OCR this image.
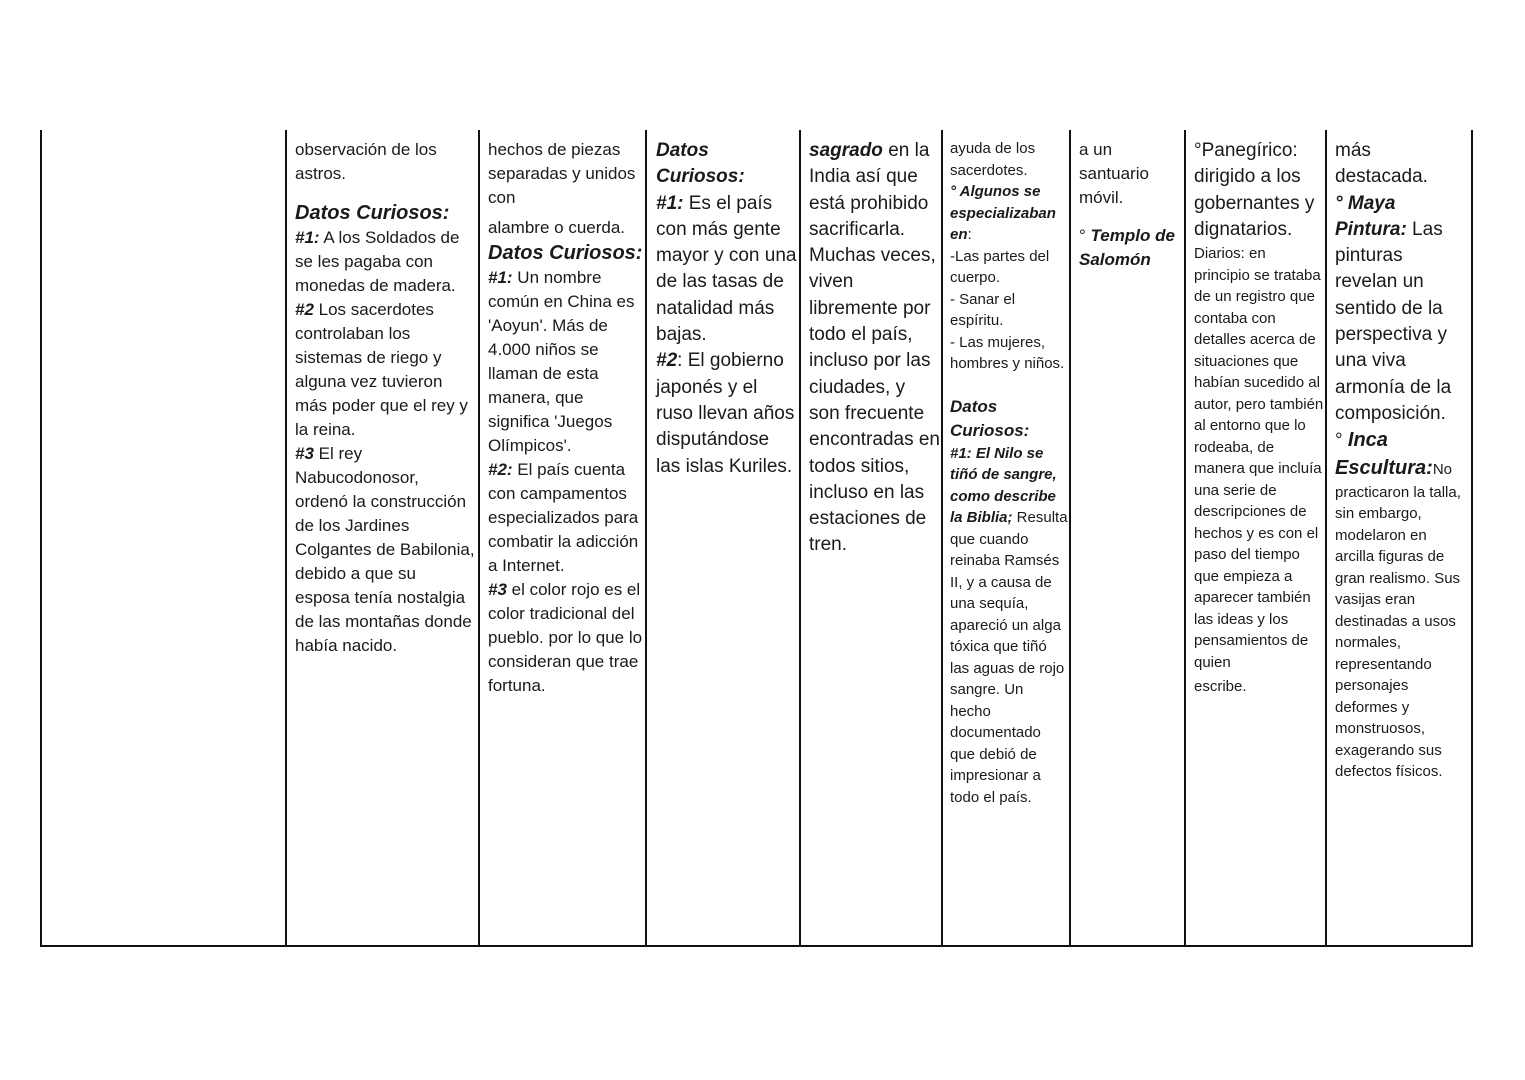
observación de los astros.

Datos Curiosos:

#1: A los Soldados de se les pagaba con monedas de madera.

#2 Los sacerdotes controlaban los sistemas de riego y alguna vez tuvieron más poder que el rey y la reina.

#3 El rey Nabucodonosor, ordenó la construcción de los Jardines Colgantes de Babilonia, debido a que su esposa tenía nostalgia de las montañas donde había nacido.

hechos de piezas separadas y unidos con

alambre o cuerda.

Datos Curiosos:

#1: Un nombre común en China es 'Aoyun'. Más de 4.000 niños se llaman de esta manera, que significa 'Juegos Olímpicos'.

#2: El país cuenta con campamentos especializados para combatir la adicción a Internet.

#3 el color rojo es el color tradicional del pueblo. por lo que lo consideran que trae fortuna.

Datos Curiosos:

#1: Es el país con más gente mayor y con una de las tasas de natalidad más bajas.

#2: El gobierno japonés y el ruso llevan años disputándose las islas Kuriles.

sagrado en la India así que está prohibido sacrificarla. Muchas veces, viven libremente por todo el país, incluso por las ciudades, y son frecuente encontradas en todos sitios, incluso en las estaciones de tren.

ayuda de los sacerdotes.

° Algunos se especializaban en:

-Las partes del cuerpo.

- Sanar el espíritu.

- Las mujeres, hombres y niños.

Datos Curiosos:

#1: El Nilo se tiñó de sangre, como describe la Biblia; Resulta que cuando reinaba Ramsés II, y a causa de una sequía, apareció un alga tóxica que tiñó las aguas de rojo sangre. Un hecho documentado que debió de impresionar a todo el país.

a un santuario móvil.

° Templo de Salomón

°Panegírico: dirigido a los gobernantes y dignatarios.

Diarios: en principio se trataba de un registro que contaba con detalles acerca de situaciones que habían sucedido al autor, pero también al entorno que lo rodeaba, de manera que incluía una serie de descripciones de hechos y es con el paso del tiempo que empieza a aparecer también las ideas y los pensamientos de quien

escribe.

más destacada.

° Maya Pintura: Las pinturas revelan un sentido de la perspectiva y una viva armonía de la composición.

° Inca Escultura:No practicaron la talla, sin embargo, modelaron en arcilla figuras de gran realismo. Sus vasijas eran destinadas a usos normales, representando personajes deformes y monstruosos, exagerando sus defectos físicos.
